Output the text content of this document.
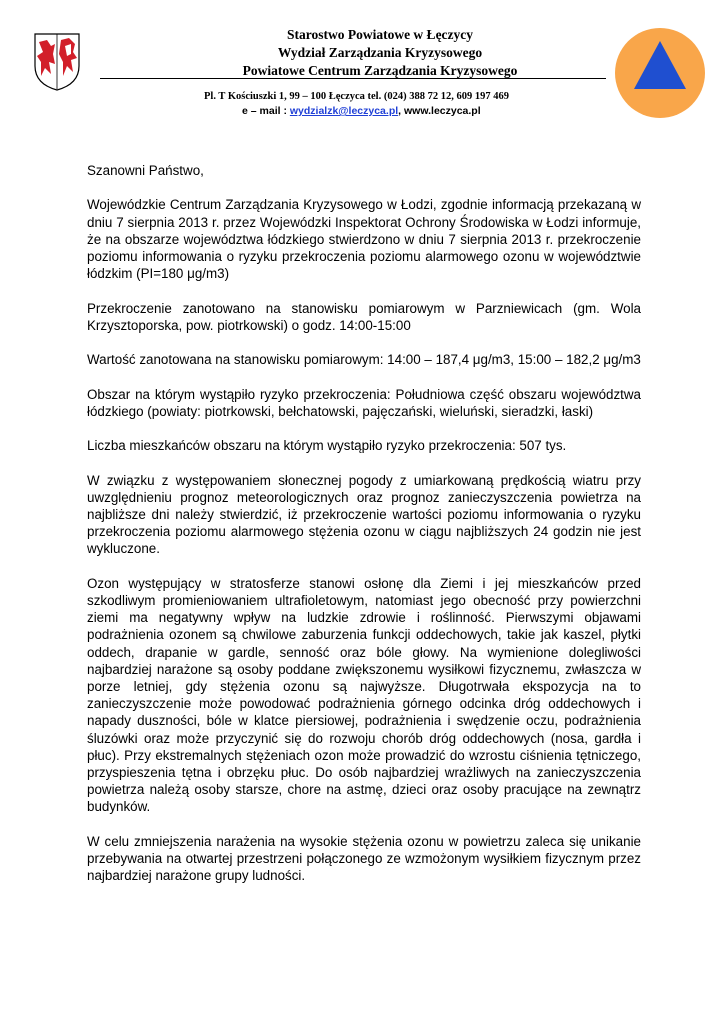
Starostwo Powiatowe w Łęczycy
Wydział Zarządzania Kryzysowego
Powiatowe Centrum Zarządzania Kryzysowego
Pl. T Kościuszki 1, 99 – 100 Łęczyca tel. (024) 388 72 12, 609 197 469
e – mail : wydzialzk@leczyca.pl, www.leczyca.pl

Szanowni Państwo,

Wojewódzkie Centrum Zarządzania Kryzysowego w Łodzi, zgodnie informacją przekazaną w dniu 7 sierpnia 2013 r. przez Wojewódzki Inspektorat Ochrony Środowiska w Łodzi informuje, że na obszarze województwa łódzkiego stwierdzono w dniu 7 sierpnia 2013 r. przekroczenie poziomu informowania o ryzyku przekroczenia poziomu alarmowego ozonu w województwie łódzkim (PI=180 μg/m3)

Przekroczenie zanotowano na stanowisku pomiarowym w Parzniewicach (gm. Wola Krzysztoporska, pow. piotrkowski) o godz. 14:00-15:00

Wartość zanotowana na stanowisku pomiarowym: 14:00 – 187,4 μg/m3, 15:00 – 182,2 μg/m3

Obszar na którym wystąpiło ryzyko przekroczenia: Południowa część obszaru województwa łódzkiego (powiaty: piotrkowski, bełchatowski, pajęczański, wieluński, sieradzki, łaski)

Liczba mieszkańców obszaru na którym wystąpiło ryzyko przekroczenia: 507 tys.

W związku z występowaniem słonecznej pogody z umiarkowaną prędkością wiatru przy uwzględnieniu prognoz meteorologicznych oraz prognoz zanieczyszczenia powietrza na najbliższe dni należy stwierdzić, iż przekroczenie wartości poziomu informowania o ryzyku przekroczenia poziomu alarmowego stężenia ozonu w ciągu najbliższych 24 godzin nie jest wykluczone.

Ozon występujący w stratosferze stanowi osłonę dla Ziemi i jej mieszkańców przed szkodliwym promieniowaniem ultrafioletowym, natomiast jego obecność przy powierzchni ziemi ma negatywny wpływ na ludzkie zdrowie i roślinność. Pierwszymi objawami podrażnienia ozonem są chwilowe zaburzenia funkcji oddechowych, takie jak kaszel, płytki oddech, drapanie w gardle, senność oraz bóle głowy. Na wymienione dolegliwości najbardziej narażone są osoby poddane zwiększonemu wysiłkowi fizycznemu, zwłaszcza w porze letniej, gdy stężenia ozonu są najwyższe. Długotrwała ekspozycja na to zanieczyszczenie może powodować podrażnienia górnego odcinka dróg oddechowych i napady duszności, bóle w klatce piersiowej, podrażnienia i swędzenie oczu, podrażnienia śluzówki oraz może przyczynić się do rozwoju chorób dróg oddechowych (nosa, gardła i płuc). Przy ekstremalnych stężeniach ozon może prowadzić do wzrostu ciśnienia tętniczego, przyspieszenia tętna i obrzęku płuc. Do osób najbardziej wrażliwych na zanieczyszczenia powietrza należą osoby starsze, chore na astmę, dzieci oraz osoby pracujące na zewnątrz budynków.

W celu zmniejszenia narażenia na wysokie stężenia ozonu w powietrzu zaleca się unikanie przebywania na otwartej przestrzeni połączonego ze wzmożonym wysiłkiem fizycznym przez najbardziej narażone grupy ludności.
